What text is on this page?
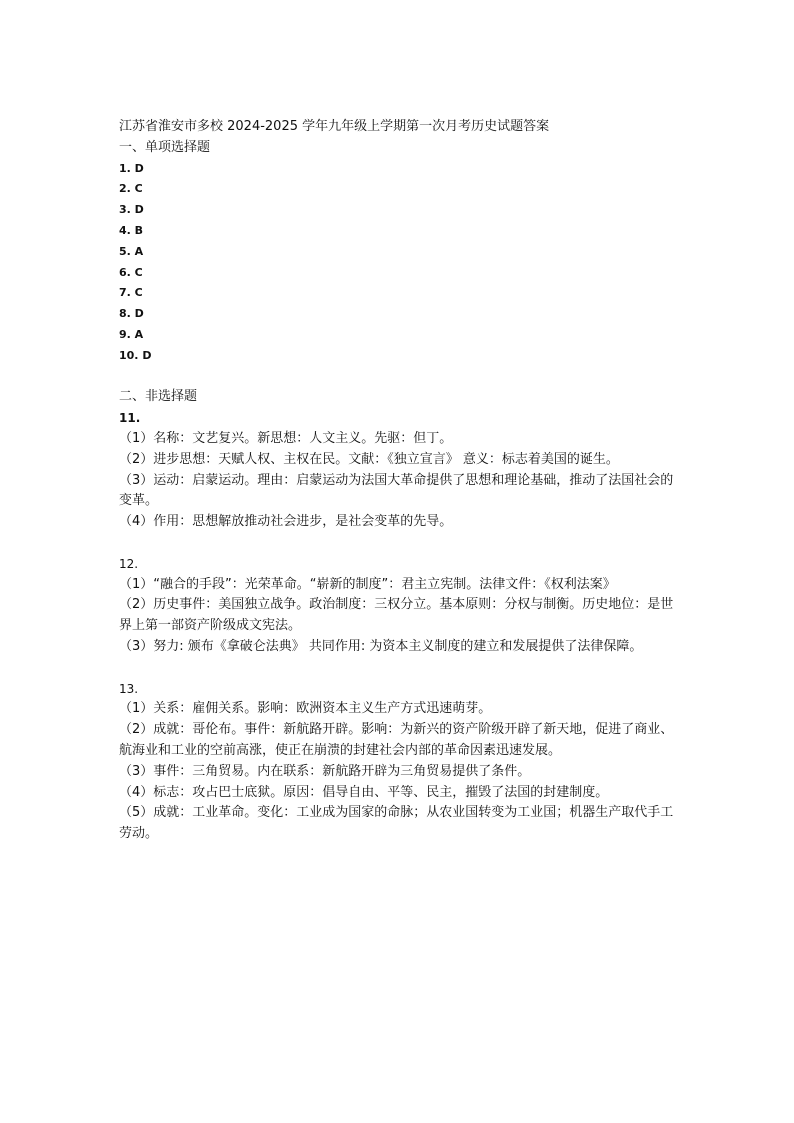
江苏省淮安市多校 2024-2025 学年九年级上学期第一次月考历史试题答案
一、单项选择题
1. D
2. C
3. D
4. B
5. A
6. C
7. C
8. D
9. A
10. D
二、非选择题
11.
（1）名称：文艺复兴。新思想：人文主义。先驱：但丁。
（2）进步思想：天赋人权、主权在民。文献：《独立宣言》 意义：标志着美国的诞生。
（3）运动：启蒙运动。理由：启蒙运动为法国大革命提供了思想和理论基础，推动了法国社会的变革。
（4）作用：思想解放推动社会进步，是社会变革的先导。
12.
（1）“融合的手段”：光荣革命。“崭新的制度”：君主立宪制。法律文件：《权利法案》
（2）历史事件：美国独立战争。政治制度：三权分立。基本原则：分权与制衡。历史地位：是世界上第一部资产阶级成文宪法。
（3）努力: 颁布《拿破仑法典》 共同作用: 为资本主义制度的建立和发展提供了法律保障。
13.
（1）关系：雇佣关系。影响：欧洲资本主义生产方式迅速萌芽。
（2）成就：哥伦布。事件：新航路开辟。影响：为新兴的资产阶级开辟了新天地，促进了商业、航海业和工业的空前高涨，使正在崩溃的封建社会内部的革命因素迅速发展。
（3）事件：三角贸易。内在联系：新航路开辟为三角贸易提供了条件。
（4）标志：攻占巴士底狱。原因：倡导自由、平等、民主，摧毁了法国的封建制度。
（5）成就：工业革命。变化：工业成为国家的命脉；从农业国转变为工业国；机器生产取代手工劳动。
